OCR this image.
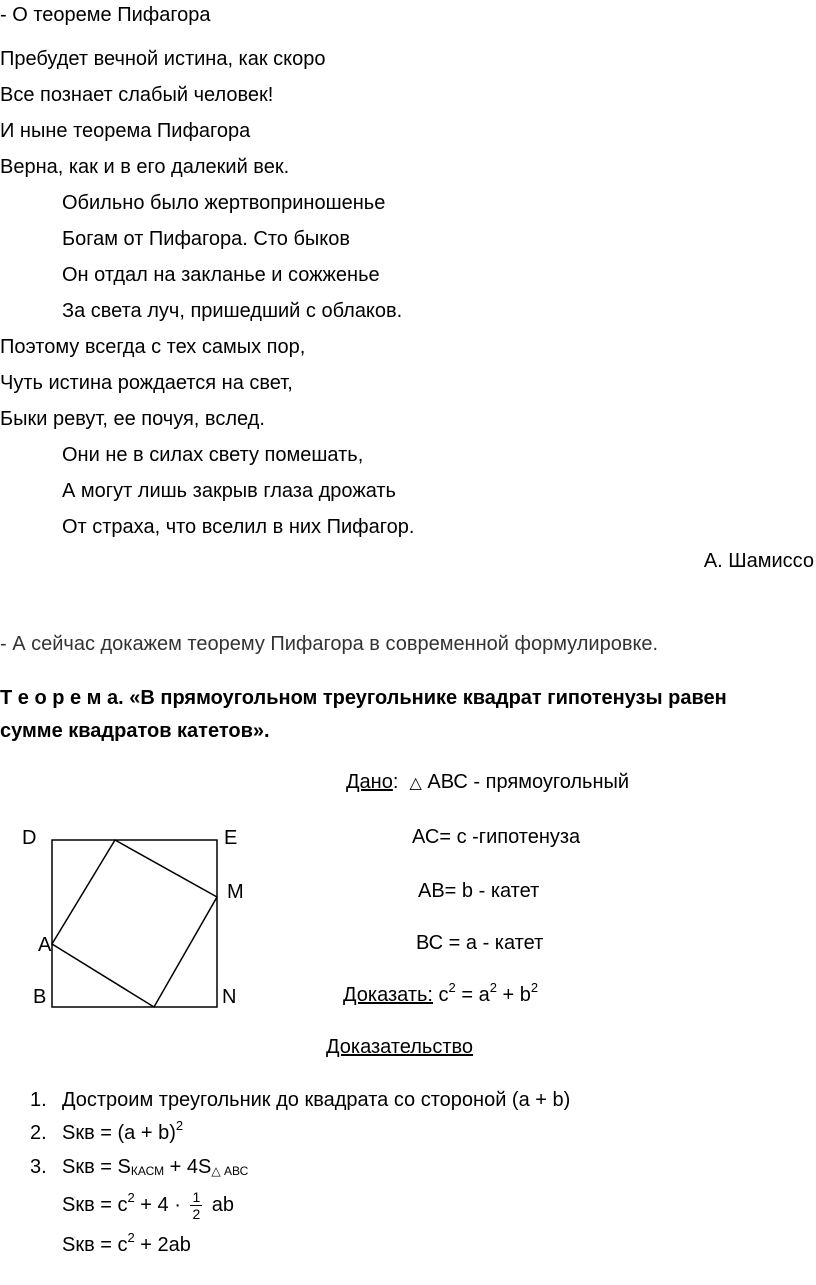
- О теореме Пифагора
Пребудет вечной истина, как скоро
Все познает слабый человек!
И ныне теорема Пифагора
Верна, как и в его далекий век.
Обильно было жертвоприношенье
Богам от Пифагора. Сто быков
Он отдал на закланье и сожженье
За света луч, пришедший с облаков.
Поэтому всегда с тех самых пор,
Чуть истина рождается на свет,
Быки ревут, ее почуя, вслед.
Они не в силах свету помешать,
А могут лишь закрыв глаза дрожать
От страха, что вселил в них Пифагор.
А. Шамиссо
- А сейчас докажем теорему Пифагора в современной формулировке.
Т е о р е м а. «В прямоугольном треугольнике квадрат гипотенузы равен
сумме квадратов катетов».
Дано: △ АВС - прямоугольный
АС= с -гипотенуза
АВ= b - катет
ВС = а - катет
Доказать: $с^2 = а^2 + b^2$
D	E
M
A
B	N
Доказательство
1. Достроим треугольник до квадрата со стороной (а + b)
2. Sкв = $(а + b)^2$
3. Sкв = $S_{КАСМ} + 4S_{\triangle АВС}$
Sкв = $с^2 + 4 \cdot \frac{1}{2}$ ab
Sкв = $с^2 + 2ab$
